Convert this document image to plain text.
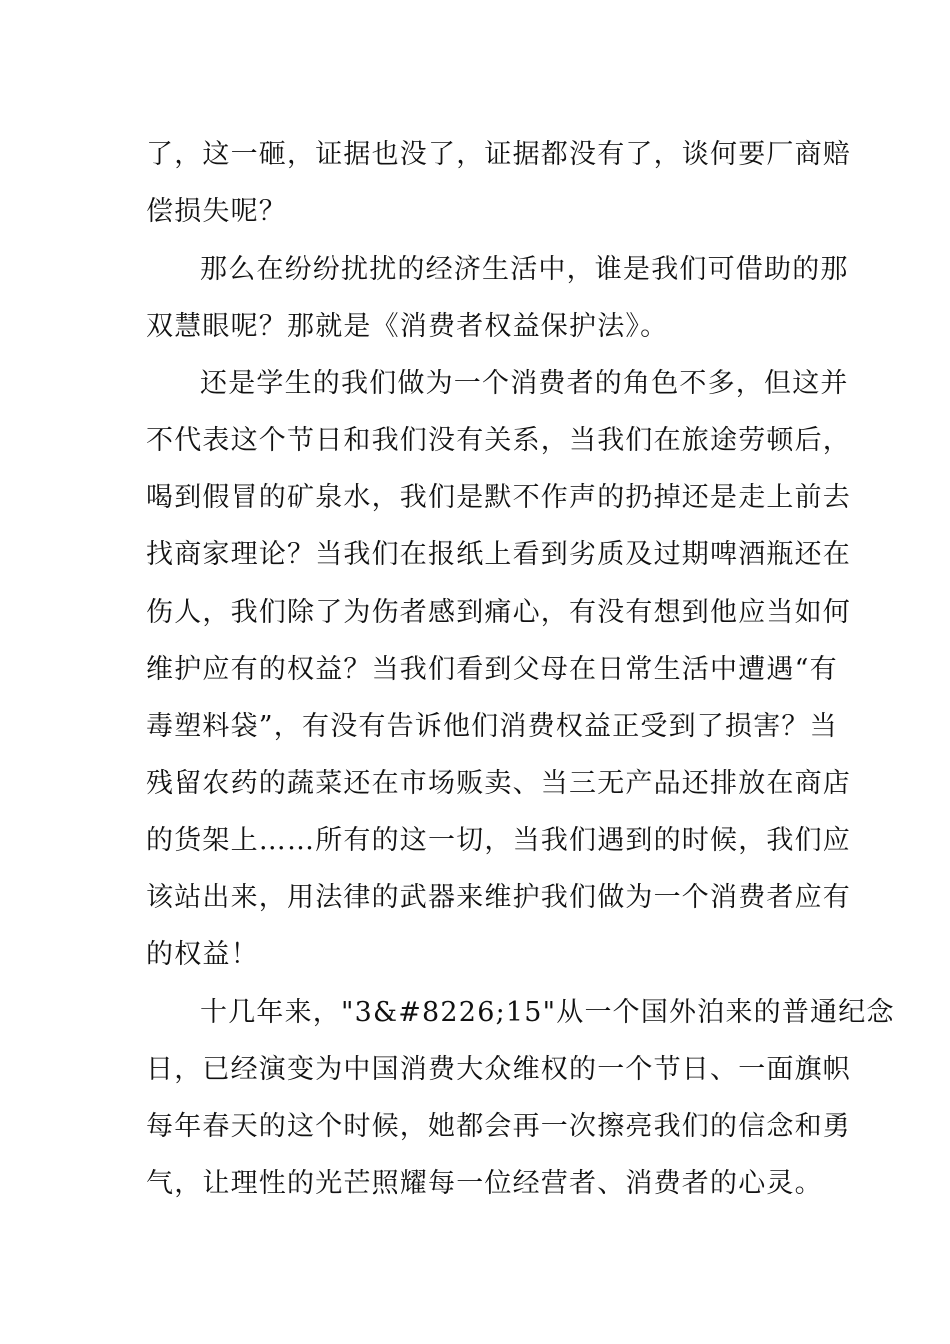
了，这一砸，证据也没了，证据都没有了，谈何要厂商赔
偿损失呢？
那么在纷纷扰扰的经济生活中，谁是我们可借助的那
双慧眼呢？那就是《消费者权益保护法》。
还是学生的我们做为一个消费者的角色不多，但这并
不代表这个节日和我们没有关系，当我们在旅途劳顿后，
喝到假冒的矿泉水，我们是默不作声的扔掉还是走上前去
找商家理论？当我们在报纸上看到劣质及过期啤酒瓶还在
伤人，我们除了为伤者感到痛心，有没有想到他应当如何
维护应有的权益？当我们看到父母在日常生活中遭遇“有
毒塑料袋”，有没有告诉他们消费权益正受到了损害？当
残留农药的蔬菜还在市场贩卖、当三无产品还排放在商店
的货架上……所有的这一切，当我们遇到的时候，我们应
该站出来，用法律的武器来维护我们做为一个消费者应有
的权益！
十几年来，"3&#8226;15"从一个国外泊来的普通纪念
日，已经演变为中国消费大众维权的一个节日、一面旗帜
每年春天的这个时候，她都会再一次擦亮我们的信念和勇
气，让理性的光芒照耀每一位经营者、消费者的心灵。
